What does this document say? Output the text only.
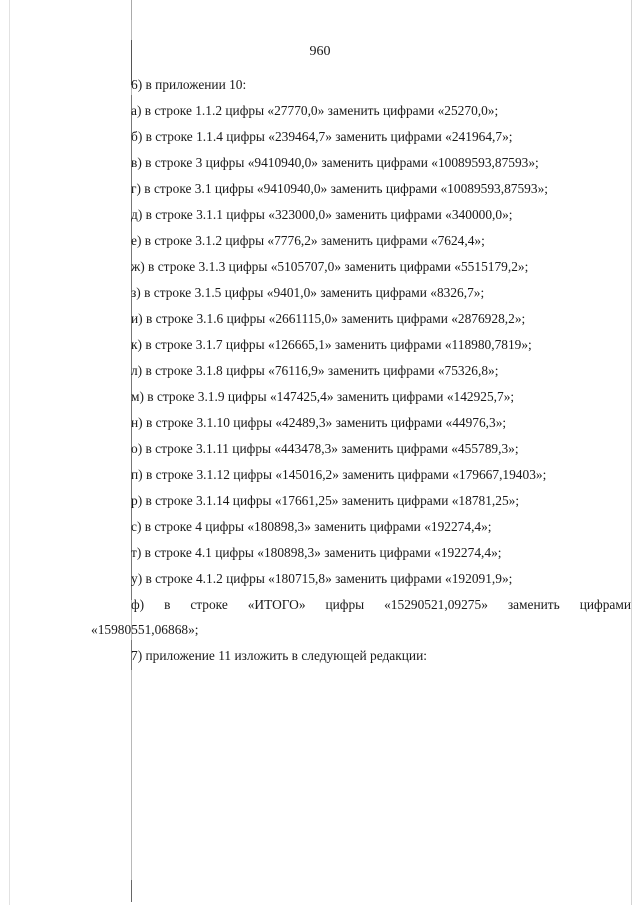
960
6) в приложении 10:
а) в строке 1.1.2 цифры «27770,0» заменить цифрами «25270,0»;
б) в строке 1.1.4 цифры «239464,7» заменить цифрами «241964,7»;
в) в строке 3 цифры «9410940,0» заменить цифрами «10089593,87593»;
г) в строке 3.1 цифры «9410940,0» заменить цифрами «10089593,87593»;
д) в строке 3.1.1 цифры «323000,0» заменить цифрами «340000,0»;
е) в строке 3.1.2 цифры «7776,2» заменить цифрами «7624,4»;
ж) в строке 3.1.3 цифры «5105707,0» заменить цифрами «5515179,2»;
з) в строке 3.1.5 цифры «9401,0» заменить цифрами «8326,7»;
и) в строке 3.1.6 цифры «2661115,0» заменить цифрами «2876928,2»;
к) в строке 3.1.7 цифры «126665,1» заменить цифрами «118980,7819»;
л) в строке 3.1.8 цифры «76116,9» заменить цифрами «75326,8»;
м) в строке 3.1.9 цифры «147425,4» заменить цифрами «142925,7»;
н) в строке 3.1.10 цифры «42489,3» заменить цифрами «44976,3»;
о) в строке 3.1.11 цифры «443478,3» заменить цифрами «455789,3»;
п) в строке 3.1.12 цифры «145016,2» заменить цифрами «179667,19403»;
р) в строке 3.1.14 цифры «17661,25» заменить цифрами «18781,25»;
с) в строке 4 цифры «180898,3» заменить цифрами «192274,4»;
т) в строке 4.1 цифры «180898,3» заменить цифрами «192274,4»;
у) в строке 4.1.2 цифры «180715,8» заменить цифрами «192091,9»;
ф) в строке «ИТОГО» цифры «15290521,09275» заменить цифрами
«15980551,06868»;
7) приложение 11 изложить в следующей редакции:
